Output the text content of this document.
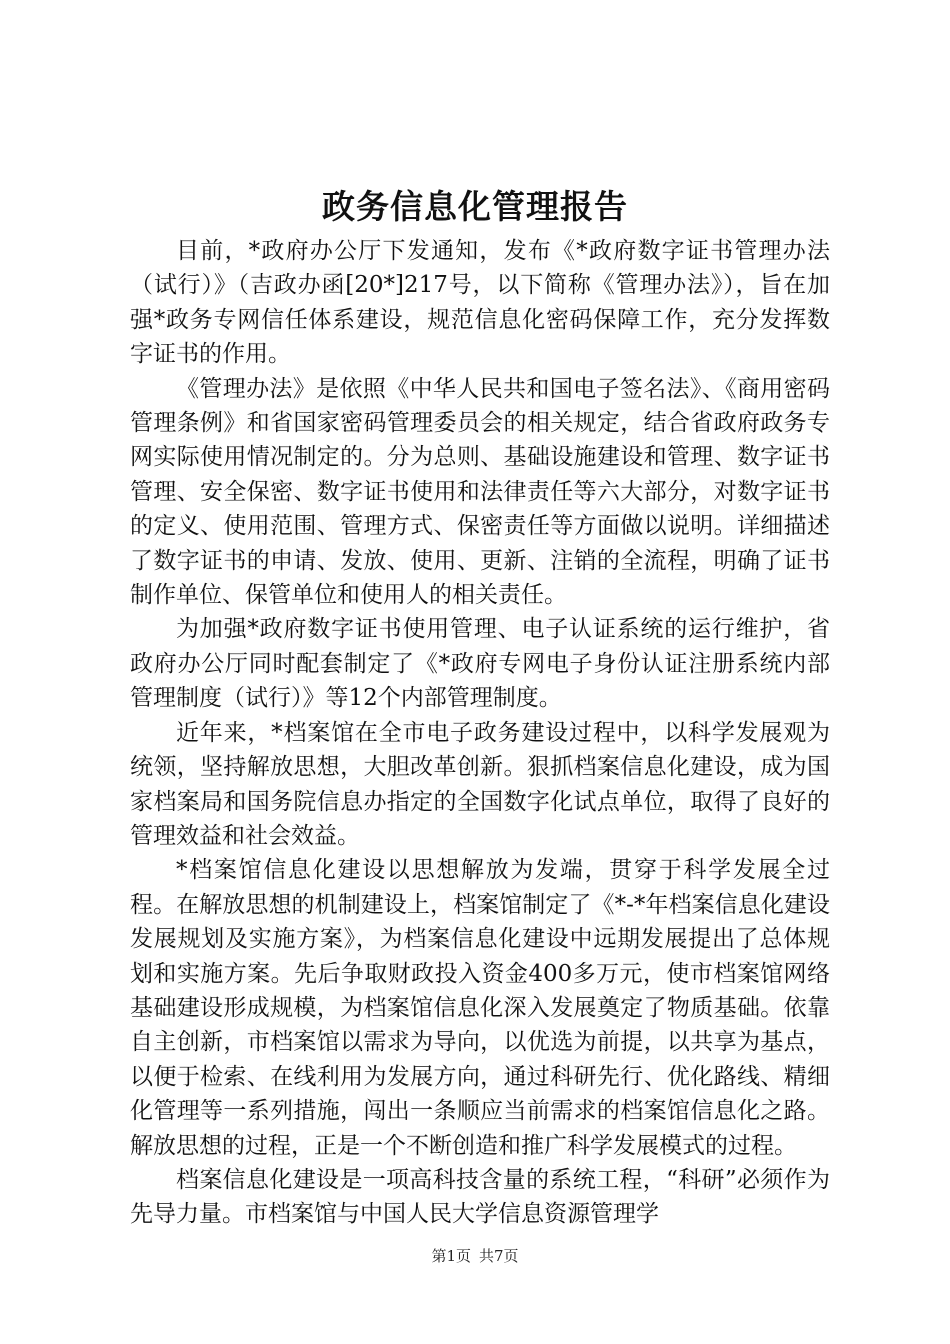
政务信息化管理报告

目前，*政府办公厅下发通知，发布《*政府数字证书管理办法（试行）》（吉政办函[20*]217号，以下简称《管理办法》），旨在加强*政务专网信任体系建设，规范信息化密码保障工作，充分发挥数字证书的作用。

《管理办法》是依照《中华人民共和国电子签名法》、《商用密码管理条例》和省国家密码管理委员会的相关规定，结合省政府政务专网实际使用情况制定的。分为总则、基础设施建设和管理、数字证书管理、安全保密、数字证书使用和法律责任等六大部分，对数字证书的定义、使用范围、管理方式、保密责任等方面做以说明。详细描述了数字证书的申请、发放、使用、更新、注销的全流程，明确了证书制作单位、保管单位和使用人的相关责任。

为加强*政府数字证书使用管理、电子认证系统的运行维护，省政府办公厅同时配套制定了《*政府专网电子身份认证注册系统内部管理制度（试行）》等12个内部管理制度。

近年来，*档案馆在全市电子政务建设过程中，以科学发展观为统领，坚持解放思想，大胆改革创新。狠抓档案信息化建设，成为国家档案局和国务院信息办指定的全国数字化试点单位，取得了良好的管理效益和社会效益。

*档案馆信息化建设以思想解放为发端，贯穿于科学发展全过程。在解放思想的机制建设上，档案馆制定了《*-*年档案信息化建设发展规划及实施方案》，为档案信息化建设中远期发展提出了总体规划和实施方案。先后争取财政投入资金400多万元，使市档案馆网络基础建设形成规模，为档案馆信息化深入发展奠定了物质基础。依靠自主创新，市档案馆以需求为导向，以优选为前提，以共享为基点，以便于检索、在线利用为发展方向，通过科研先行、优化路线、精细化管理等一系列措施，闯出一条顺应当前需求的档案馆信息化之路。解放思想的过程，正是一个不断创造和推广科学发展模式的过程。

档案信息化建设是一项高科技含量的系统工程，“科研”必须作为先导力量。市档案馆与中国人民大学信息资源管理学

第1页 共7页
